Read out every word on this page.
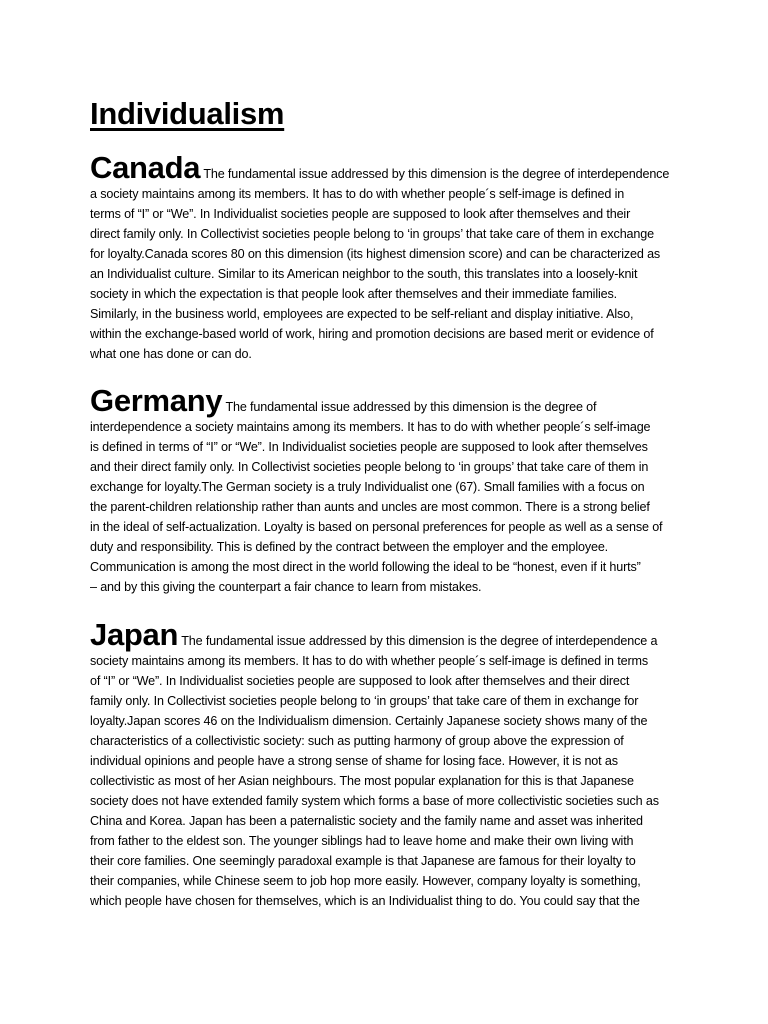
Individualism
Canada The fundamental issue addressed by this dimension is the degree of interdependence
a society maintains among its members. It has to do with whether people´s self-image is defined in
terms of “I” or “We”. In Individualist societies people are supposed to look after themselves and their
direct family only. In Collectivist societies people belong to ‘in groups’ that take care of them in exchange
for loyalty.Canada scores 80 on this dimension (its highest dimension score) and can be characterized as
an Individualist culture. Similar to its American neighbor to the south, this translates into a loosely-knit
society in which the expectation is that people look after themselves and their immediate families.
Similarly, in the business world, employees are expected to be self-reliant and display initiative. Also,
within the exchange-based world of work, hiring and promotion decisions are based merit or evidence of
what one has done or can do.
Germany The fundamental issue addressed by this dimension is the degree of
interdependence a society maintains among its members. It has to do with whether people´s self-image
is defined in terms of “I” or “We”. In Individualist societies people are supposed to look after themselves
and their direct family only. In Collectivist societies people belong to ‘in groups’ that take care of them in
exchange for loyalty.The German society is a truly Individualist one (67). Small families with a focus on
the parent-children relationship rather than aunts and uncles are most common. There is a strong belief
in the ideal of self-actualization. Loyalty is based on personal preferences for people as well as a sense of
duty and responsibility. This is defined by the contract between the employer and the employee.
Communication is among the most direct in the world following the ideal to be “honest, even if it hurts”
– and by this giving the counterpart a fair chance to learn from mistakes.
Japan The fundamental issue addressed by this dimension is the degree of interdependence a
society maintains among its members. It has to do with whether people´s self-image is defined in terms
of “I” or “We”. In Individualist societies people are supposed to look after themselves and their direct
family only. In Collectivist societies people belong to ‘in groups’ that take care of them in exchange for
loyalty.Japan scores 46 on the Individualism dimension. Certainly Japanese society shows many of the
characteristics of a collectivistic society: such as putting harmony of group above the expression of
individual opinions and people have a strong sense of shame for losing face. However, it is not as
collectivistic as most of her Asian neighbours. The most popular explanation for this is that Japanese
society does not have extended family system which forms a base of more collectivistic societies such as
China and Korea. Japan has been a paternalistic society and the family name and asset was inherited
from father to the eldest son. The younger siblings had to leave home and make their own living with
their core families. One seemingly paradoxal example is that Japanese are famous for their loyalty to
their companies, while Chinese seem to job hop more easily. However, company loyalty is something,
which people have chosen for themselves, which is an Individualist thing to do. You could say that the
